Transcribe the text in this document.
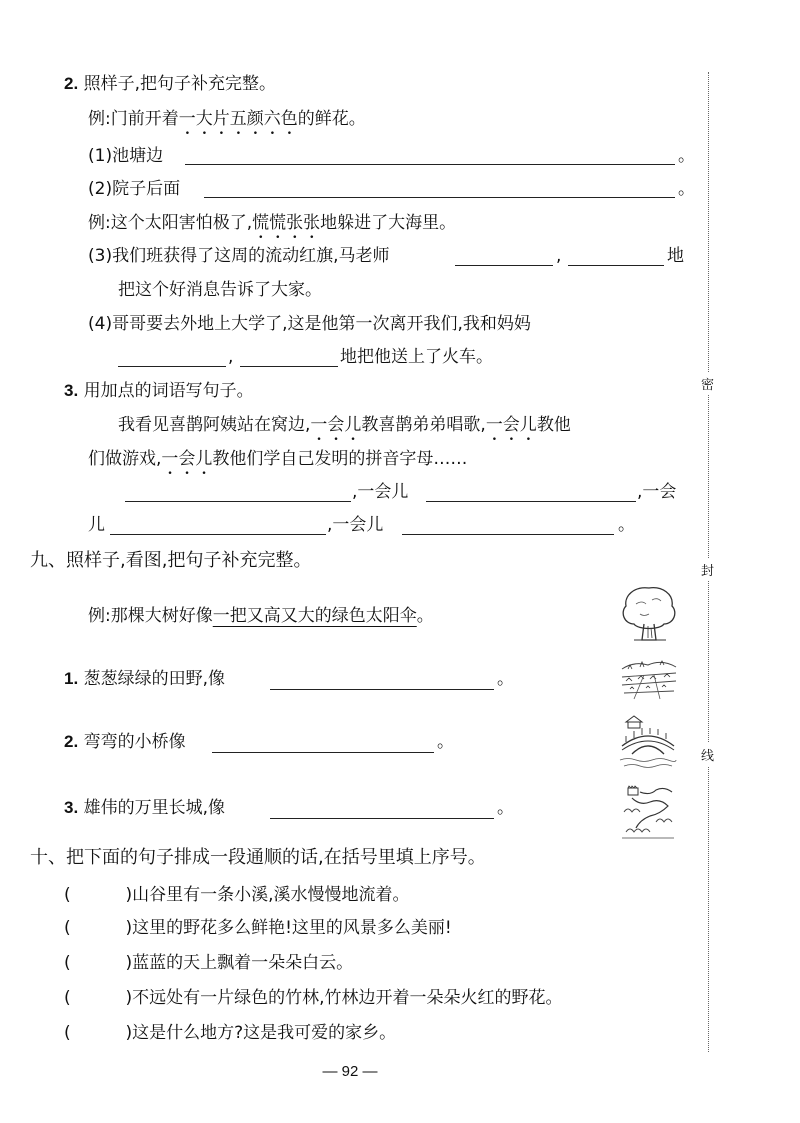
2. 照样子,把句子补充完整。
例:门前开着一大片五颜六色的鲜花。
(1)池塘边	。
(2)院子后面	。
例:这个太阳害怕极了,慌慌张张地躲进了大海里。
(3)我们班获得了这周的流动红旗,马老师	,	地
把这个好消息告诉了大家。
(4)哥哥要去外地上大学了,这是他第一次离开我们,我和妈妈
,	地把他送上了火车。
3. 用加点的词语写句子。
我看见喜鹊阿姨站在窝边,一会儿教喜鹊弟弟唱歌,一会儿教他
们做游戏,一会儿教他们学自己发明的拼音字母……
,一会儿	,一会
儿	,一会儿	。
九、照样子,看图,把句子补充完整。
例:那棵大树好像一把又高又大的绿色太阳伞。
1. 葱葱绿绿的田野,像	。
2. 弯弯的小桥像	。
3. 雄伟的万里长城,像	。
十、把下面的句子排成一段通顺的话,在括号里填上序号。
(	)山谷里有一条小溪,溪水慢慢地流着。
(	)这里的野花多么鲜艳!这里的风景多么美丽!
(	)蓝蓝的天上飘着一朵朵白云。
(	)不远处有一片绿色的竹林,竹林边开着一朵朵火红的野花。
(	)这是什么地方?这是我可爱的家乡。
密
封
线
— 92 —
